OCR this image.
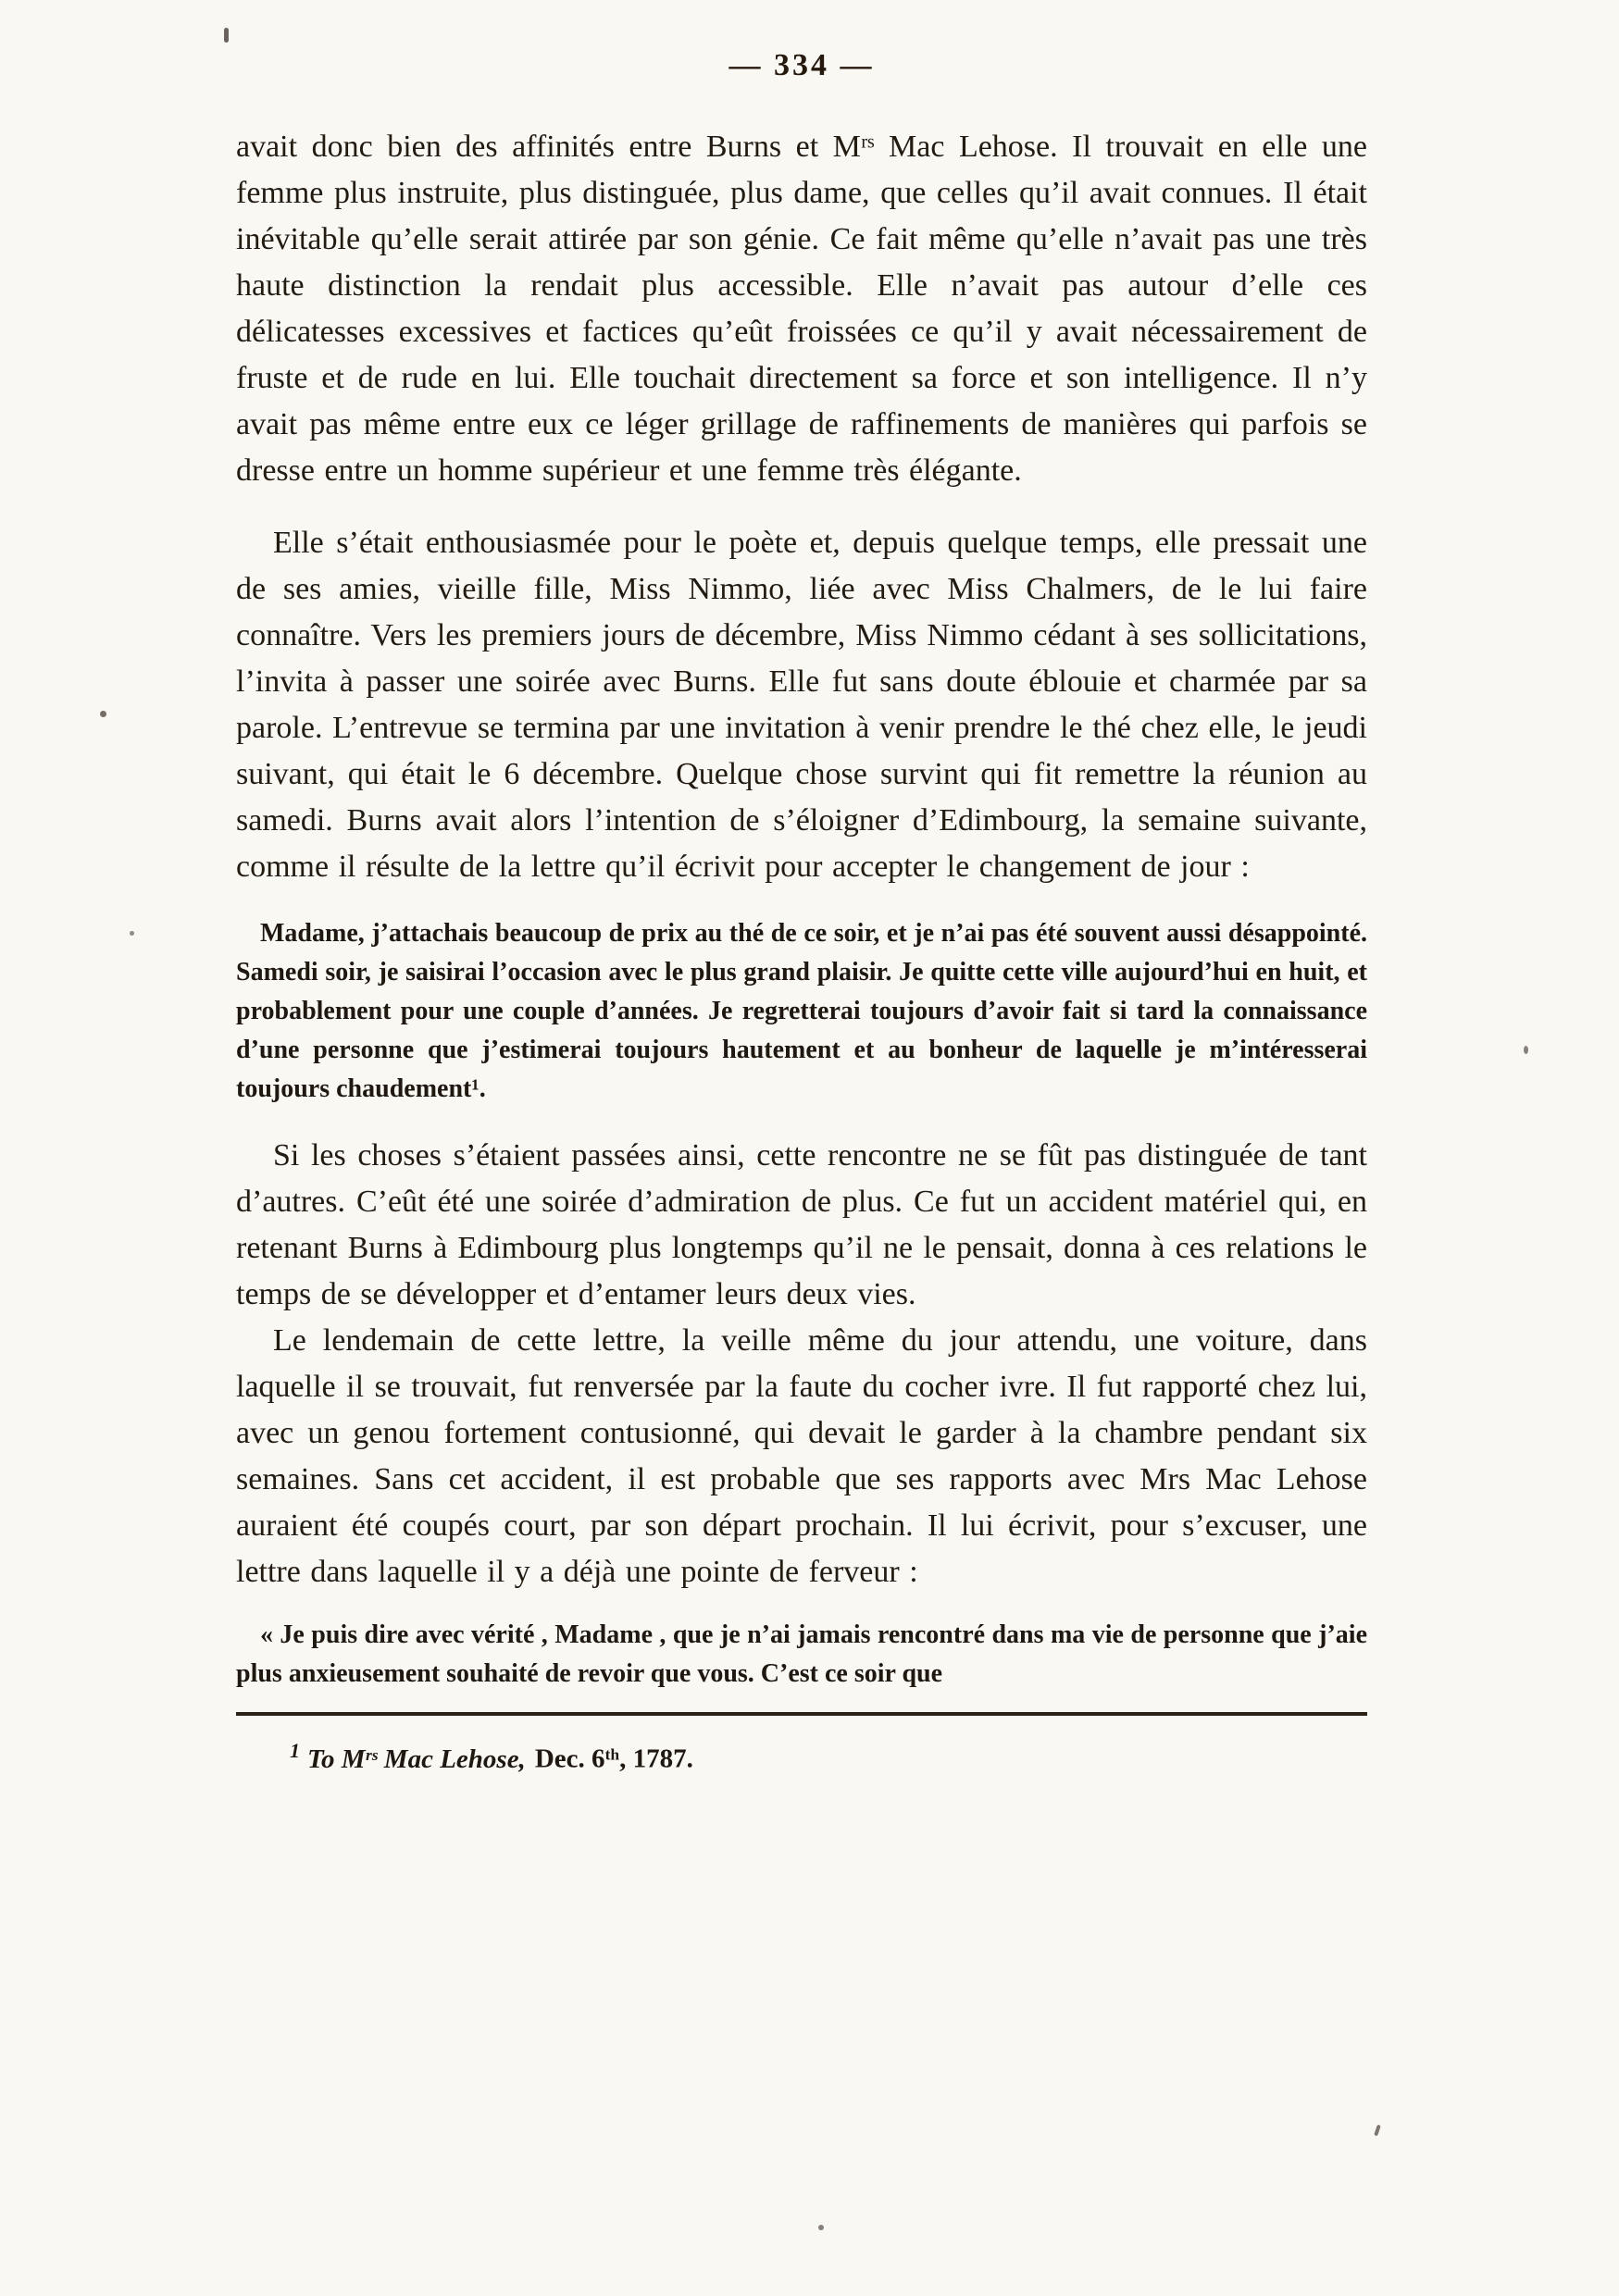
— 334 —

avait donc bien des affinités entre Burns et Mʳˢ Mac Lehose. Il trouvait en elle une femme plus instruite, plus distinguée, plus dame, que celles qu’il avait connues. Il était inévitable qu’elle serait attirée par son génie. Ce fait même qu’elle n’avait pas une très haute distinction la rendait plus accessible. Elle n’avait pas autour d’elle ces délicatesses excessives et factices qu’eût froissées ce qu’il y avait nécessairement de fruste et de rude en lui. Elle touchait directement sa force et son intelligence. Il n’y avait pas même entre eux ce léger grillage de raffinements de manières qui parfois se dresse entre un homme supérieur et une femme très élégante.

Elle s’était enthousiasmée pour le poète et, depuis quelque temps, elle pressait une de ses amies, vieille fille, Miss Nimmo, liée avec Miss Chalmers, de le lui faire connaître. Vers les premiers jours de décembre, Miss Nimmo cédant à ses sollicitations, l’invita à passer une soirée avec Burns. Elle fut sans doute éblouie et charmée par sa parole. L’entrevue se termina par une invitation à venir prendre le thé chez elle, le jeudi suivant, qui était le 6 décembre. Quelque chose survint qui fit remettre la réunion au samedi. Burns avait alors l’intention de s’éloigner d’Edimbourg, la semaine suivante, comme il résulte de la lettre qu’il écrivit pour accepter le changement de jour :

Madame, j’attachais beaucoup de prix au thé de ce soir, et je n’ai pas été souvent aussi désappointé. Samedi soir, je saisirai l’occasion avec le plus grand plaisir. Je quitte cette ville aujourd’hui en huit, et probablement pour une couple d’années. Je regretterai toujours d’avoir fait si tard la connaissance d’une personne que j’estimerai toujours hautement et au bonheur de laquelle je m’intéresserai toujours chaudement¹.

Si les choses s’étaient passées ainsi, cette rencontre ne se fût pas distinguée de tant d’autres. C’eût été une soirée d’admiration de plus. Ce fut un accident matériel qui, en retenant Burns à Edimbourg plus longtemps qu’il ne le pensait, donna à ces relations le temps de se développer et d’entamer leurs deux vies.

Le lendemain de cette lettre, la veille même du jour attendu, une voiture, dans laquelle il se trouvait, fut renversée par la faute du cocher ivre. Il fut rapporté chez lui, avec un genou fortement contusionné, qui devait le garder à la chambre pendant six semaines. Sans cet accident, il est probable que ses rapports avec Mrs Mac Lehose auraient été coupés court, par son départ prochain. Il lui écrivit, pour s’excuser, une lettre dans laquelle il y a déjà une pointe de ferveur :

« Je puis dire avec vérité , Madame , que je n’ai jamais rencontré dans ma vie de personne que j’aie plus anxieusement souhaité de revoir que vous. C’est ce soir que
$^1$ To Mʳˢ Mac Lehose, Dec. 6ᵗʰ, 1787.
